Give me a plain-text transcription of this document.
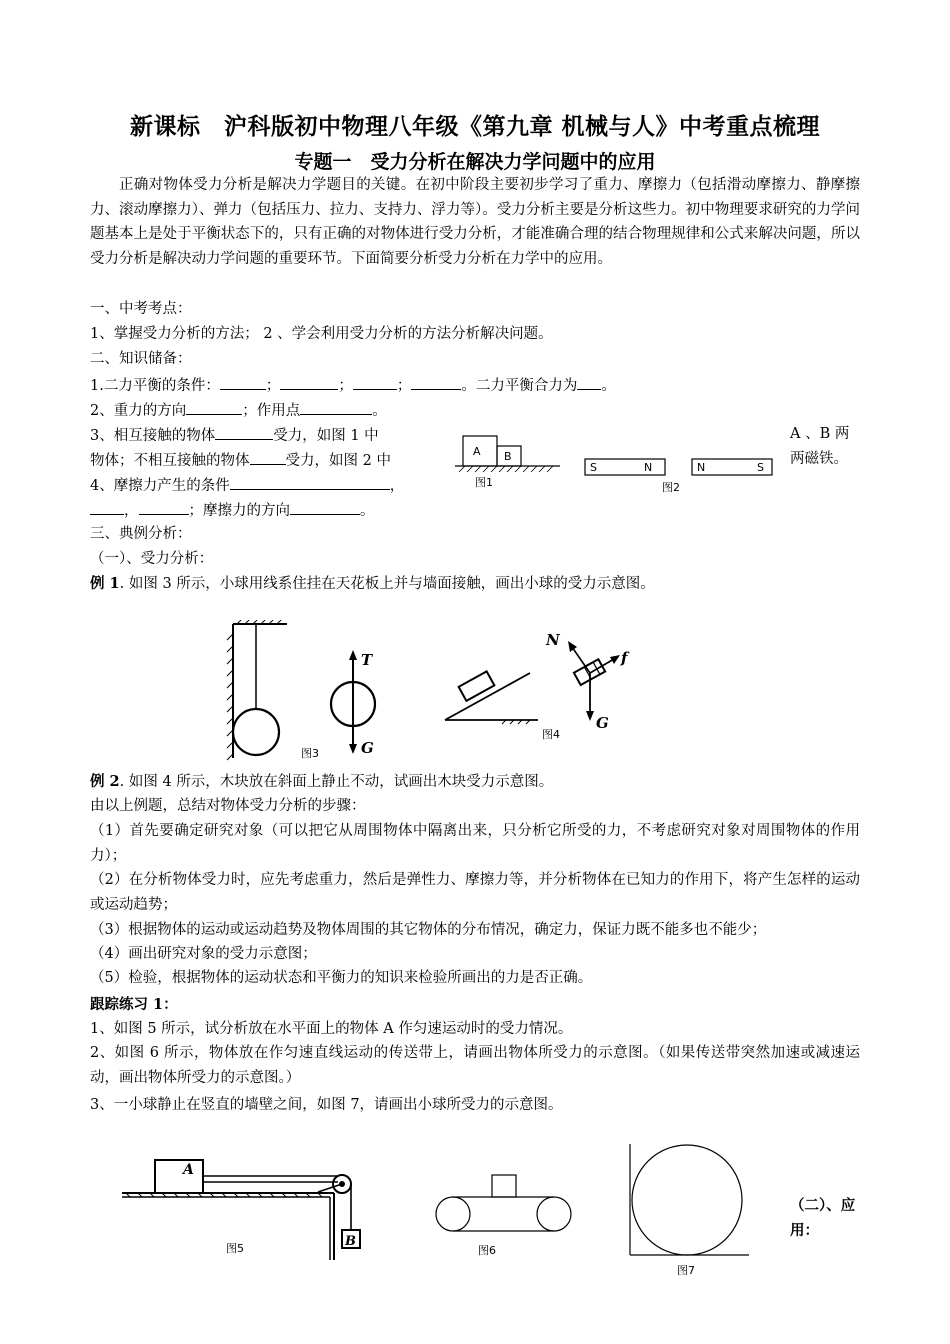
新课标　沪科版初中物理八年级《第九章 机械与人》中考重点梳理
专题一　受力分析在解决力学问题中的应用
正确对物体受力分析是解决力学题目的关键。在初中阶段主要初步学习了重力、摩擦力（包括滑动摩擦力、静摩擦力、滚动摩擦力）、弹力（包括压力、拉力、支持力、浮力等）。受力分析主要是分析这些力。初中物理要求研究的力学问题基本上是处于平衡状态下的，只有正确的对物体进行受力分析，才能准确合理的结合物理规律和公式来解决问题，所以受力分析是解决动力学问题的重要环节。下面简要分析受力分析在力学中的应用。
一、中考考点：
1、掌握受力分析的方法； 2 、学会利用受力分析的方法分析解决问题。
二、知识储备：
1.二力平衡的条件：	；	；	；	。二力平衡合力为 。
2、重力的方向	；作用点	。
3、相互接触的物体	受力，如图 1 中
物体；不相互接触的物体 受力，如图 2 中
A 、B 两
两磁铁。
4、摩擦力产生的条件	，
，	；摩擦力的方向	。
A B
图1
S	N	N	S
图2
三、典例分析：
（一）、受力分析：
例 1. 如图 3 所示，小球用线系住挂在天花板上并与墙面接触，画出小球的受力示意图。
T
G
图3
N
f
G
图4
例 2. 如图 4 所示，木块放在斜面上静止不动，试画出木块受力示意图。
由以上例题，总结对物体受力分析的步骤：
（1）首先要确定研究对象（可以把它从周围物体中隔离出来，只分析它所受的力，不考虑研究对象对周围物体的作用力）；
（2）在分析物体受力时，应先考虑重力，然后是弹性力、摩擦力等，并分析物体在已知力的作用下，将产生怎样的运动或运动趋势；
（3）根据物体的运动或运动趋势及物体周围的其它物体的分布情况，确定力，保证力既不能多也不能少；
（4）画出研究对象的受力示意图；
（5）检验，根据物体的运动状态和平衡力的知识来检验所画出的力是否正确。
跟踪练习 1：
1、如图 5 所示，试分析放在水平面上的物体 A 作匀速运动时的受力情况。
2、如图 6 所示，物体放在作匀速直线运动的传送带上，请画出物体所受力的示意图。（如果传送带突然加速或减速运动，画出物体所受力的示意图。）
3、一小球静止在竖直的墙壁之间，如图 7，请画出小球所受力的示意图。
A
B
图5	图6
图7
（二）、应
用：
